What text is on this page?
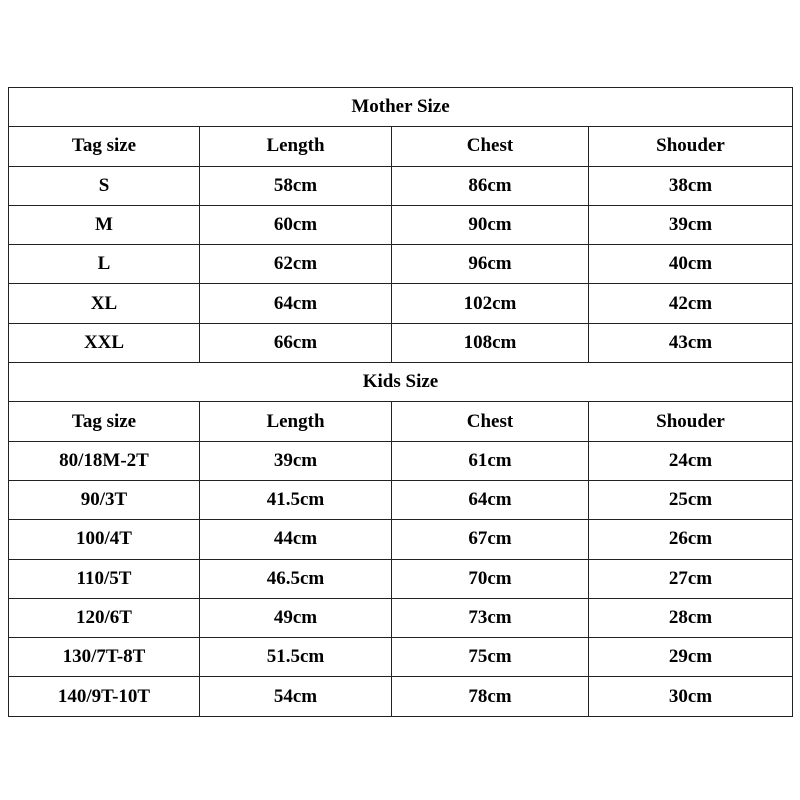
Mother Size			
Tag size	Length	Chest	Shouder
S	58cm	86cm	38cm
M	60cm	90cm	39cm
L	62cm	96cm	40cm
XL	64cm	102cm	42cm
XXL	66cm	108cm	43cm
Kids Size			
Tag size	Length	Chest	Shouder
80/18M-2T	39cm	61cm	24cm
90/3T	41.5cm	64cm	25cm
100/4T	44cm	67cm	26cm
110/5T	46.5cm	70cm	27cm
120/6T	49cm	73cm	28cm
130/7T-8T	51.5cm	75cm	29cm
140/9T-10T	54cm	78cm	30cm
